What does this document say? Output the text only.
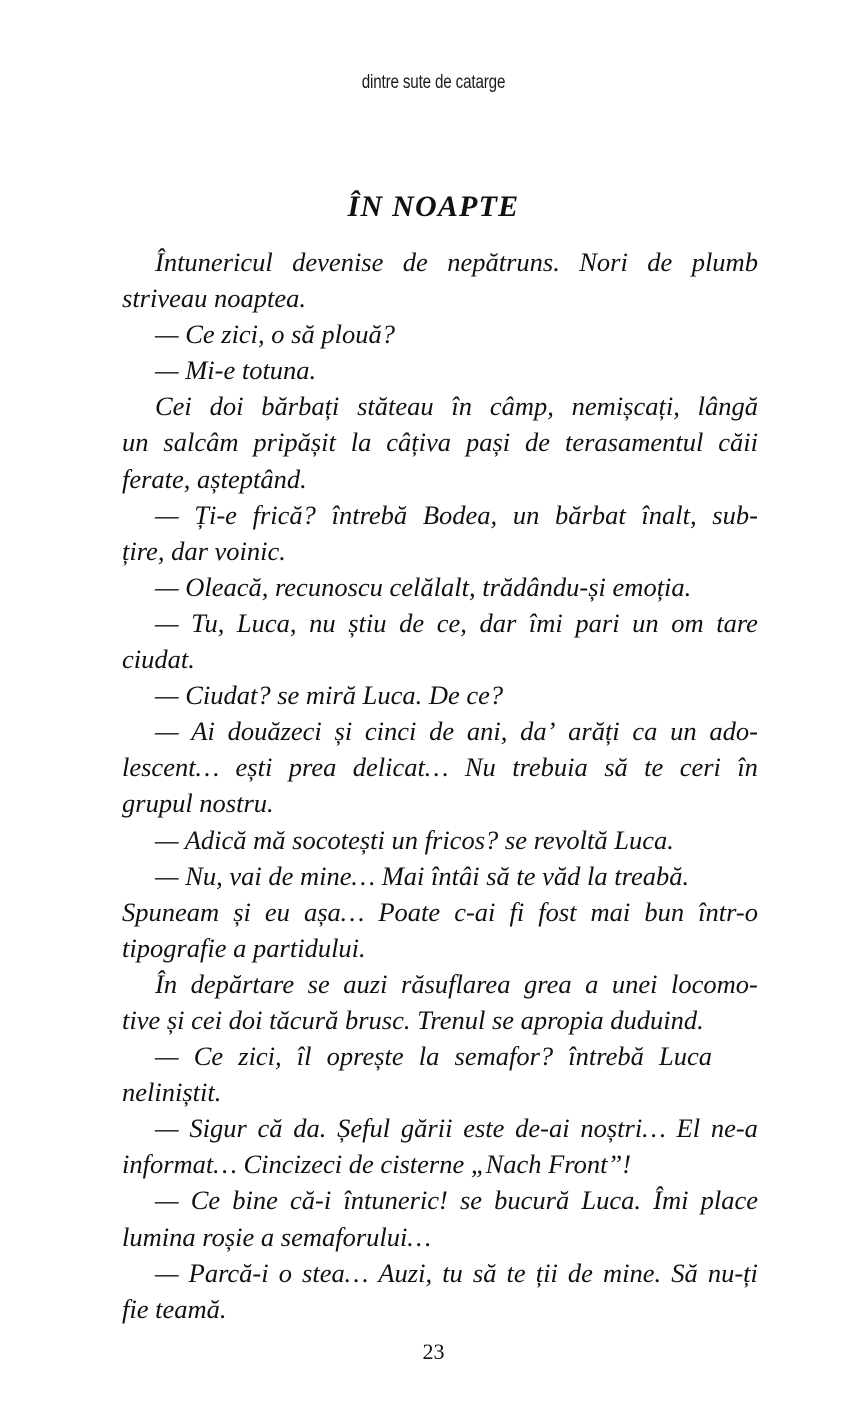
dintre sute de catarge
ÎN NOAPTE
Întunericul devenise de nepătruns. Nori de plumb
striveau noaptea.
— Ce zici, o să plouă?
— Mi-e totuna.
Cei doi bărbați stăteau în câmp, nemișcați, lângă
un salcâm pripășit la câțiva pași de terasamentul căii
ferate, așteptând.
— Ți-e frică? întrebă Bodea, un bărbat înalt, sub-
țire, dar voinic.
— Oleacă, recunoscu celălalt, trădându-și emoția.
— Tu, Luca, nu știu de ce, dar îmi pari un om tare
ciudat.
— Ciudat? se miră Luca. De ce?
— Ai douăzeci și cinci de ani, da’ arăți ca un ado-
lescent… ești prea delicat… Nu trebuia să te ceri în
grupul nostru.
— Adică mă socotești un fricos? se revoltă Luca.
— Nu, vai de mine… Mai întâi să te văd la treabă.
Spuneam și eu așa… Poate c-ai fi fost mai bun într-o
tipografie a partidului.
În depărtare se auzi răsuflarea grea a unei locomo-
tive și cei doi tăcură brusc. Trenul se apropia duduind.
— Ce zici, îl oprește la semafor? întrebă Luca
neliniștit.
— Sigur că da. Șeful gării este de-ai noștri… El ne-a
informat… Cincizeci de cisterne „Nach Front”!
— Ce bine că-i întuneric! se bucură Luca. Îmi place
lumina roșie a semaforului…
— Parcă-i o stea… Auzi, tu să te ții de mine. Să nu-ți
fie teamă.
23
